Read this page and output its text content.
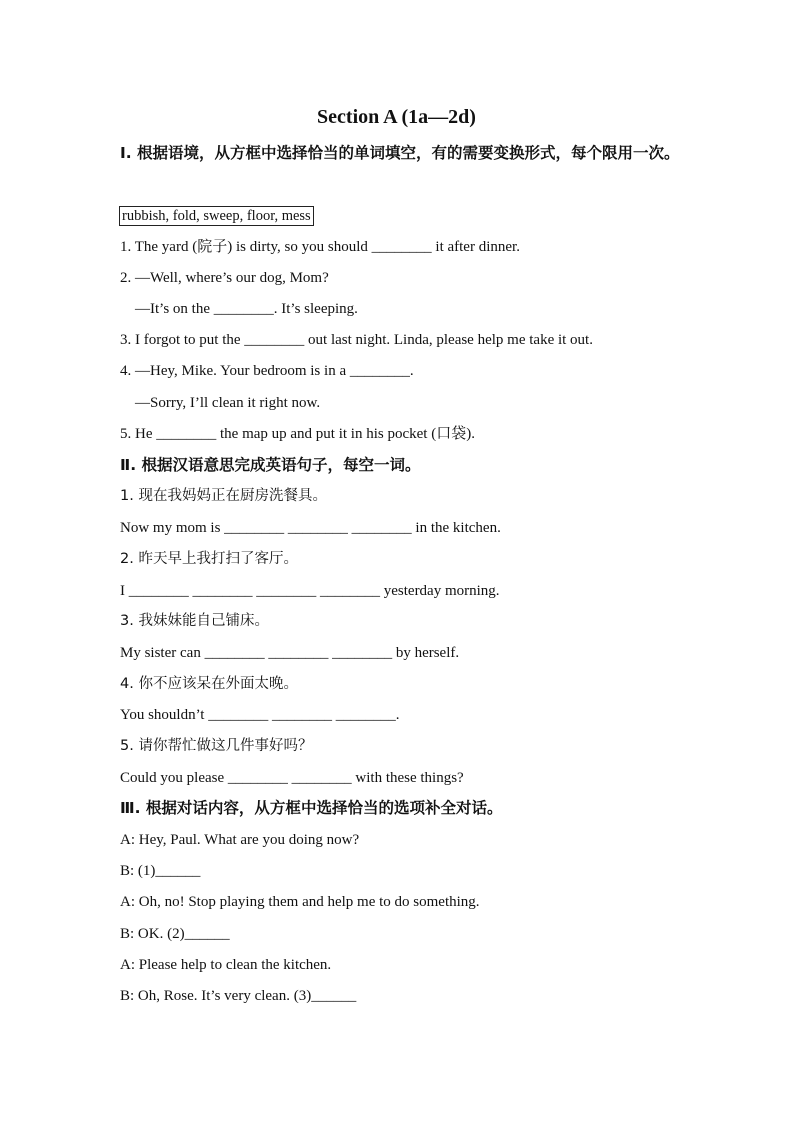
Section A (1a—2d)
Ⅰ. 根据语境，从方框中选择恰当的单词填空，有的需要变换形式，每个限用一次。
rubbish, fold, sweep, floor, mess
1. The yard (院子) is dirty, so you should ________ it after dinner.
2. —Well, where’s our dog, Mom?
—It’s on the ________. It’s sleeping.
3. I forgot to put the ________ out last night. Linda, please help me take it out.
4. —Hey, Mike. Your bedroom is in a ________.
—Sorry, I’ll clean it right now.
5. He ________ the map up and put it in his pocket (口袋).
Ⅱ. 根据汉语意思完成英语句子，每空一词。
1. 现在我妈妈正在厨房洗餐具。
Now my mom is ________ ________ ________ in the kitchen.
2. 昨天早上我打扫了客厅。
I ________ ________ ________ ________ yesterday morning.
3. 我妹妹能自己铺床。
My sister can ________ ________ ________ by herself.
4. 你不应该呆在外面太晚。
You shouldn’t ________ ________ ________.
5. 请你帮忙做这几件事好吗？
Could you please ________ ________ with these things?
Ⅲ. 根据对话内容，从方框中选择恰当的选项补全对话。
A: Hey, Paul. What are you doing now?
B: (1)______
A: Oh, no! Stop playing them and help me to do something.
B: OK. (2)______
A: Please help to clean the kitchen.
B: Oh, Rose. It’s very clean. (3)______
